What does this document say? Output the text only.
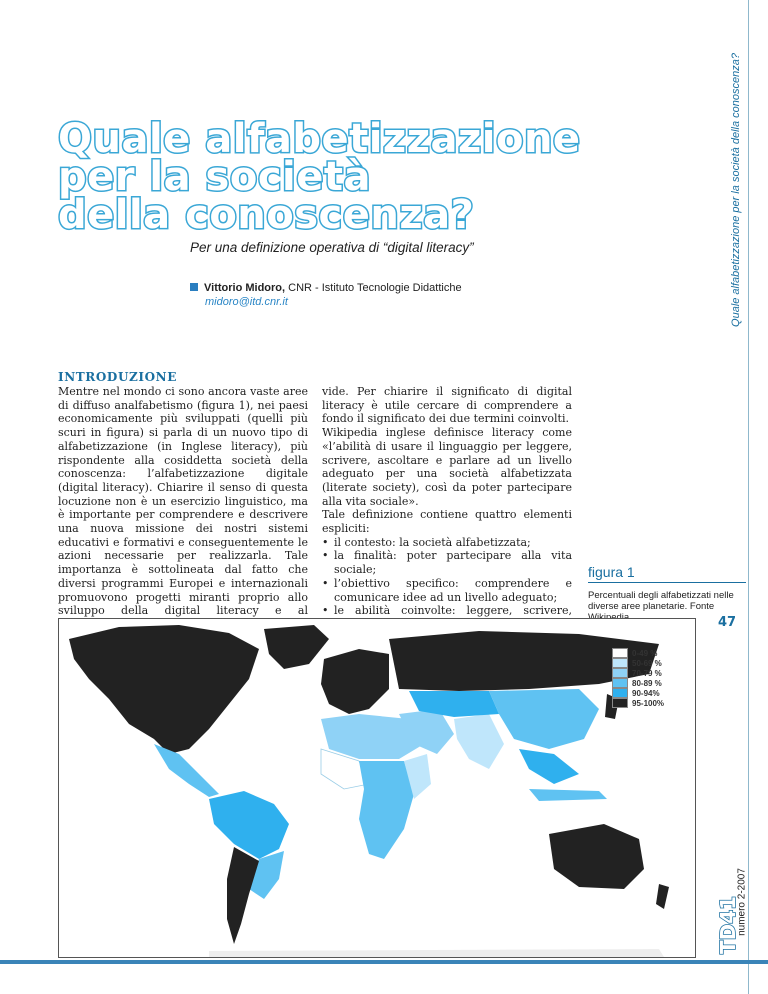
Quale alfabetizzazione per la società della conoscenza?
Quale alfabetizzazione
per la società
della conoscenza?
Per una definizione operativa di “digital literacy”
Vittorio Midoro, CNR - Istituto Tecnologie Didattiche
midoro@itd.cnr.it
INTRODUZIONE

Mentre nel mondo ci sono ancora vaste aree di diffuso analfabetismo (figura 1), nei paesi economicamente più sviluppati (quelli più scuri in figura) si parla di un nuovo tipo di alfabetizzazione (in Inglese literacy), più rispondente alla cosiddetta società della conoscenza: l’alfabetizzazione digitale (digital literacy). Chiarire il senso di questa locuzione non è un esercizio linguistico, ma è importante per comprendere e descrivere una nuova missione dei nostri sistemi educativi e formativi e conseguentemente le azioni necessarie per realizzarla. Tale importanza è sottolineata dal fatto che diversi programmi Europei e internazionali promuovono progetti miranti proprio allo sviluppo della digital literacy e al

vide. Per chiarire il significato di digital literacy è utile cercare di comprendere a fondo il significato dei due termini coinvolti.

Wikipedia inglese definisce literacy come «l’abilità di usare il linguaggio per leggere, scrivere, ascoltare e parlare ad un livello adeguato per una società alfabetizzata (literate society), così da poter partecipare alla vita sociale».

Tale definizione contiene quattro elementi espliciti:

• il contesto: la società alfabetizzata;
• la finalità: poter partecipare alla vita sociale;
• l’obiettivo specifico: comprendere e comunicare idee ad un livello adeguato;
• le abilità coinvolte: leggere, scrivere,
figura 1
Percentuali degli alfabetizzati nelle diverse aree planetarie. Fonte
47
0-49 %
50-69 %
70-79 %
80-89 %
90-94%
95-100%
TD41
numero 2-2007
